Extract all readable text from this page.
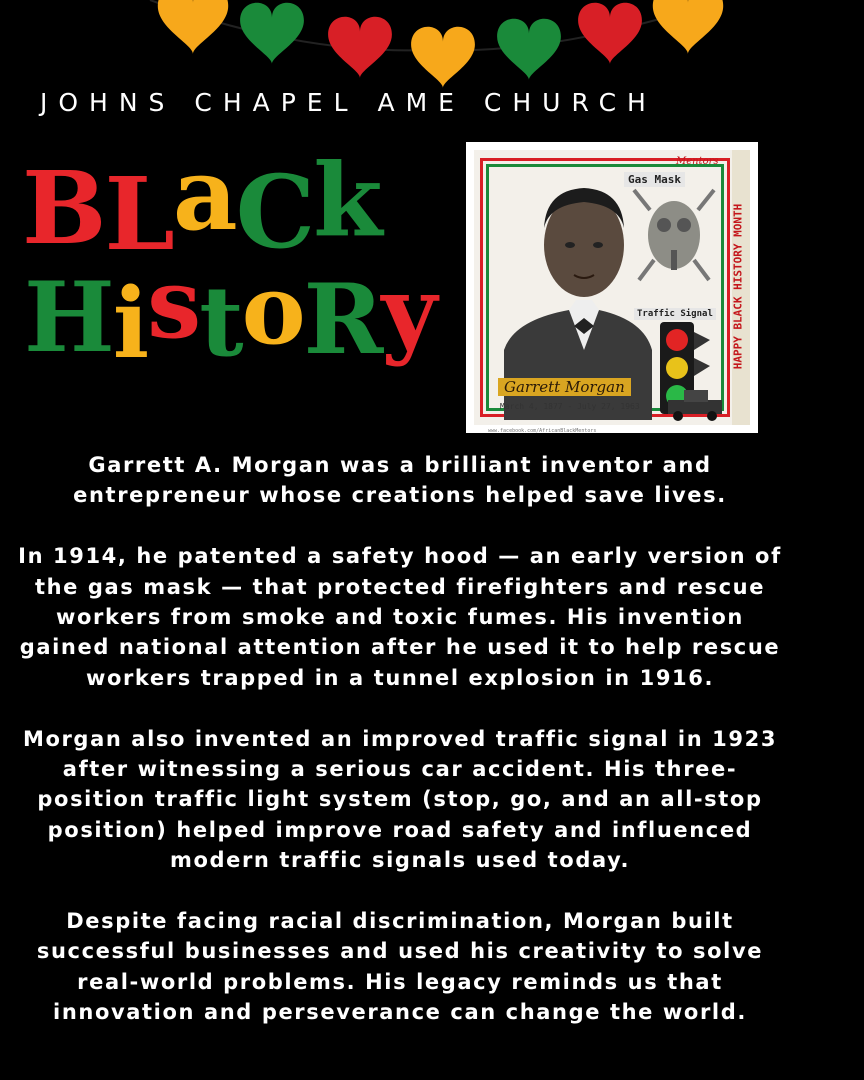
JOHNS CHAPEL AME CHURCH
BLaCk
HistoRy
Mentors
Gas Mask
Traffic Signal HAPPY BLACK HISTORY MONTH
Garrett Morgan
March 4, 1877 - July 27, 1963
www.facebook.com/AfricanBlackMentors

Garrett A. Morgan was a brilliant inventor and entrepreneur whose creations helped save lives.

In 1914, he patented a safety hood — an early version of the gas mask — that protected firefighters and rescue workers from smoke and toxic fumes. His invention gained national attention after he used it to help rescue workers trapped in a tunnel explosion in 1916.

Morgan also invented an improved traffic signal in 1923 after witnessing a serious car accident. His three-position traffic light system (stop, go, and an all-stop position) helped improve road safety and influenced modern traffic signals used today.

Despite facing racial discrimination, Morgan built successful businesses and used his creativity to solve real-world problems. His legacy reminds us that innovation and perseverance can change the world.
